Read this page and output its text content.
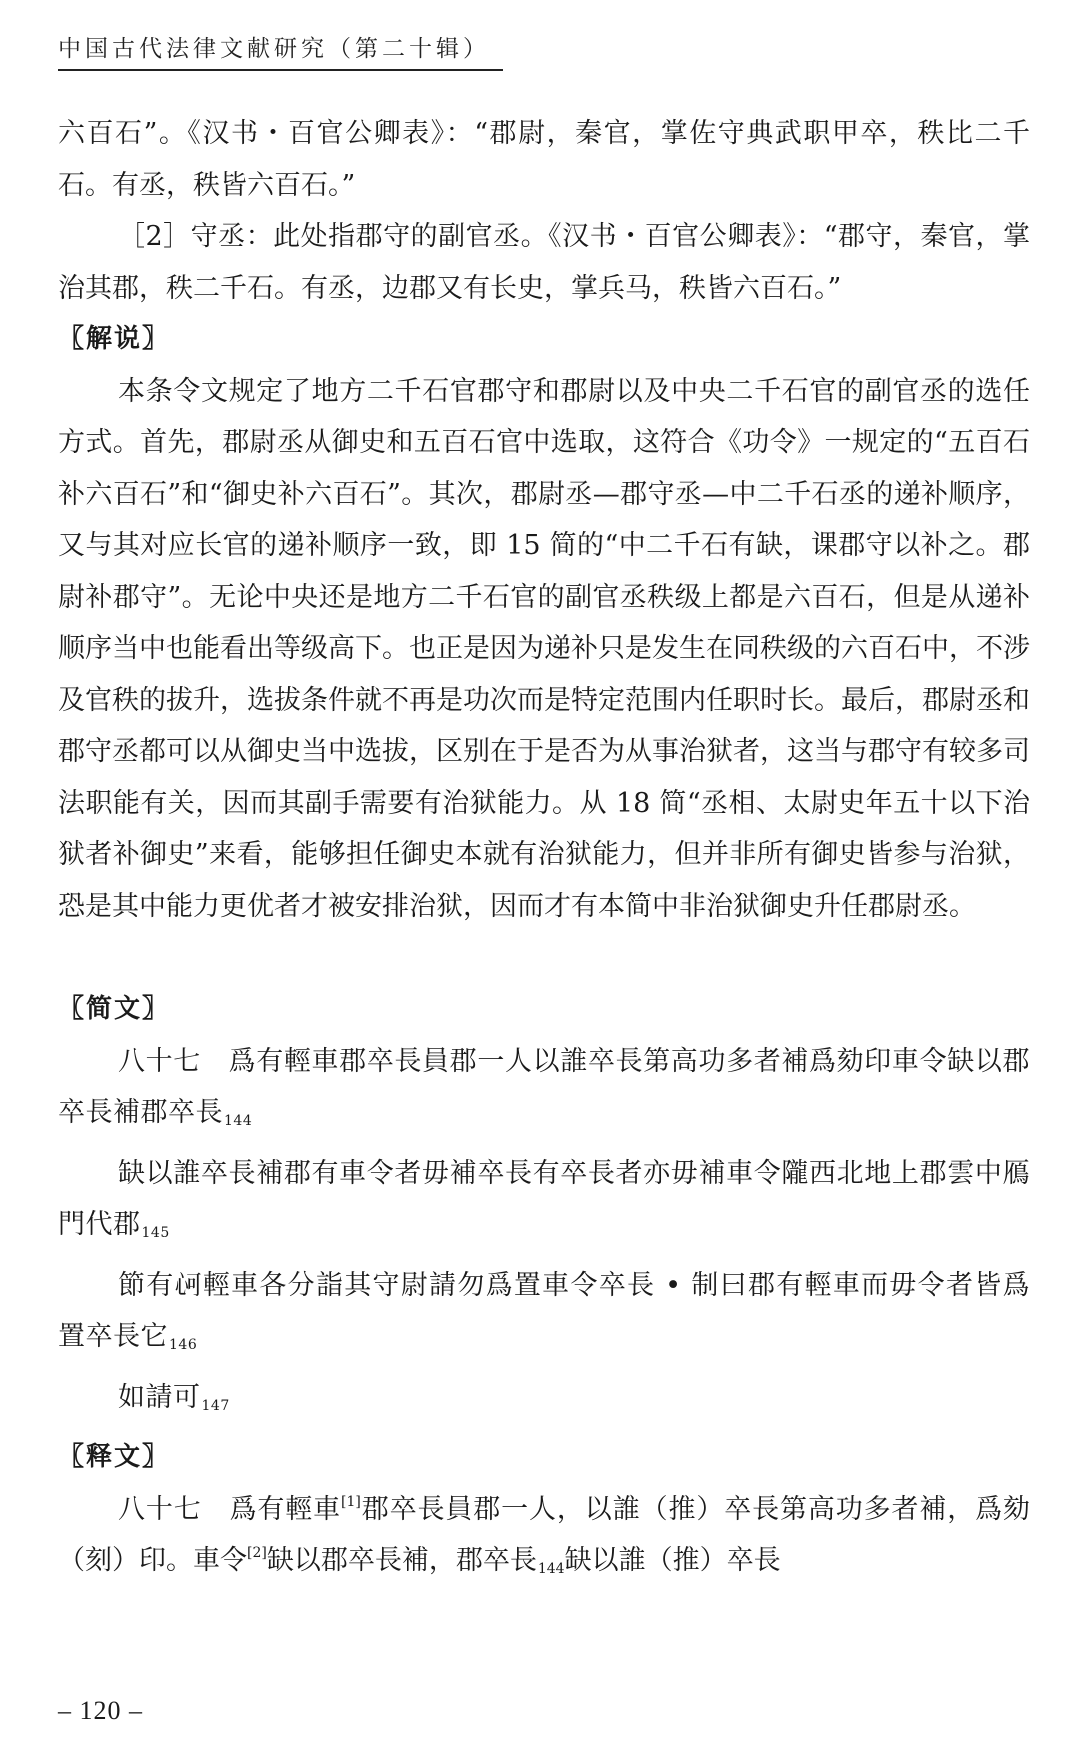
中国古代法律文献研究（第二十辑）

六百石”。《汉书・百官公卿表》：“郡尉，秦官，掌佐守典武职甲卒，秩比二千石。有丞，秩皆六百石。”

［2］守丞：此处指郡守的副官丞。《汉书・百官公卿表》：“郡守，秦官，掌治其郡，秩二千石。有丞，边郡又有长史，掌兵马，秩皆六百石。”

〖解说〗

本条令文规定了地方二千石官郡守和郡尉以及中央二千石官的副官丞的选任方式。首先，郡尉丞从御史和五百石官中选取，这符合《功令》一规定的“五百石补六百石”和“御史补六百石”。其次，郡尉丞—郡守丞—中二千石丞的递补顺序，又与其对应长官的递补顺序一致，即 15 简的“中二千石有缺，课郡守以补之。郡尉补郡守”。无论中央还是地方二千石官的副官丞秩级上都是六百石，但是从递补顺序当中也能看出等级高下。也正是因为递补只是发生在同秩级的六百石中，不涉及官秩的拔升，选拔条件就不再是功次而是特定范围内任职时长。最后，郡尉丞和郡守丞都可以从御史当中选拔，区别在于是否为从事治狱者，这当与郡守有较多司法职能有关，因而其副手需要有治狱能力。从 18 简“丞相、太尉史年五十以下治狱者补御史”来看，能够担任御史本就有治狱能力，但并非所有御史皆参与治狱，恐是其中能力更优者才被安排治狱，因而才有本简中非治狱御史升任郡尉丞。

〖简文〗

八十七　爲有輕車郡卒長員郡一人以誰卒長第高功多者補爲劾印車令缺以郡卒長補郡卒長144

缺以誰卒長補郡有車令者毋補卒長有卒長者亦毋補車令隴西北地上郡雲中鴈門代郡145

節有𢘟輕車各分詣其守尉請勿爲置車令卒長 • 制曰郡有輕車而毋令者皆爲置卒長它146

如請可147

〖释文〗

八十七　爲有輕車[1]郡卒長員郡一人，以誰（推）卒長第高功多者補，爲劾（刻）印。車令[2]缺以郡卒長補，郡卒長144缺以誰（推）卒長

– 120 –
